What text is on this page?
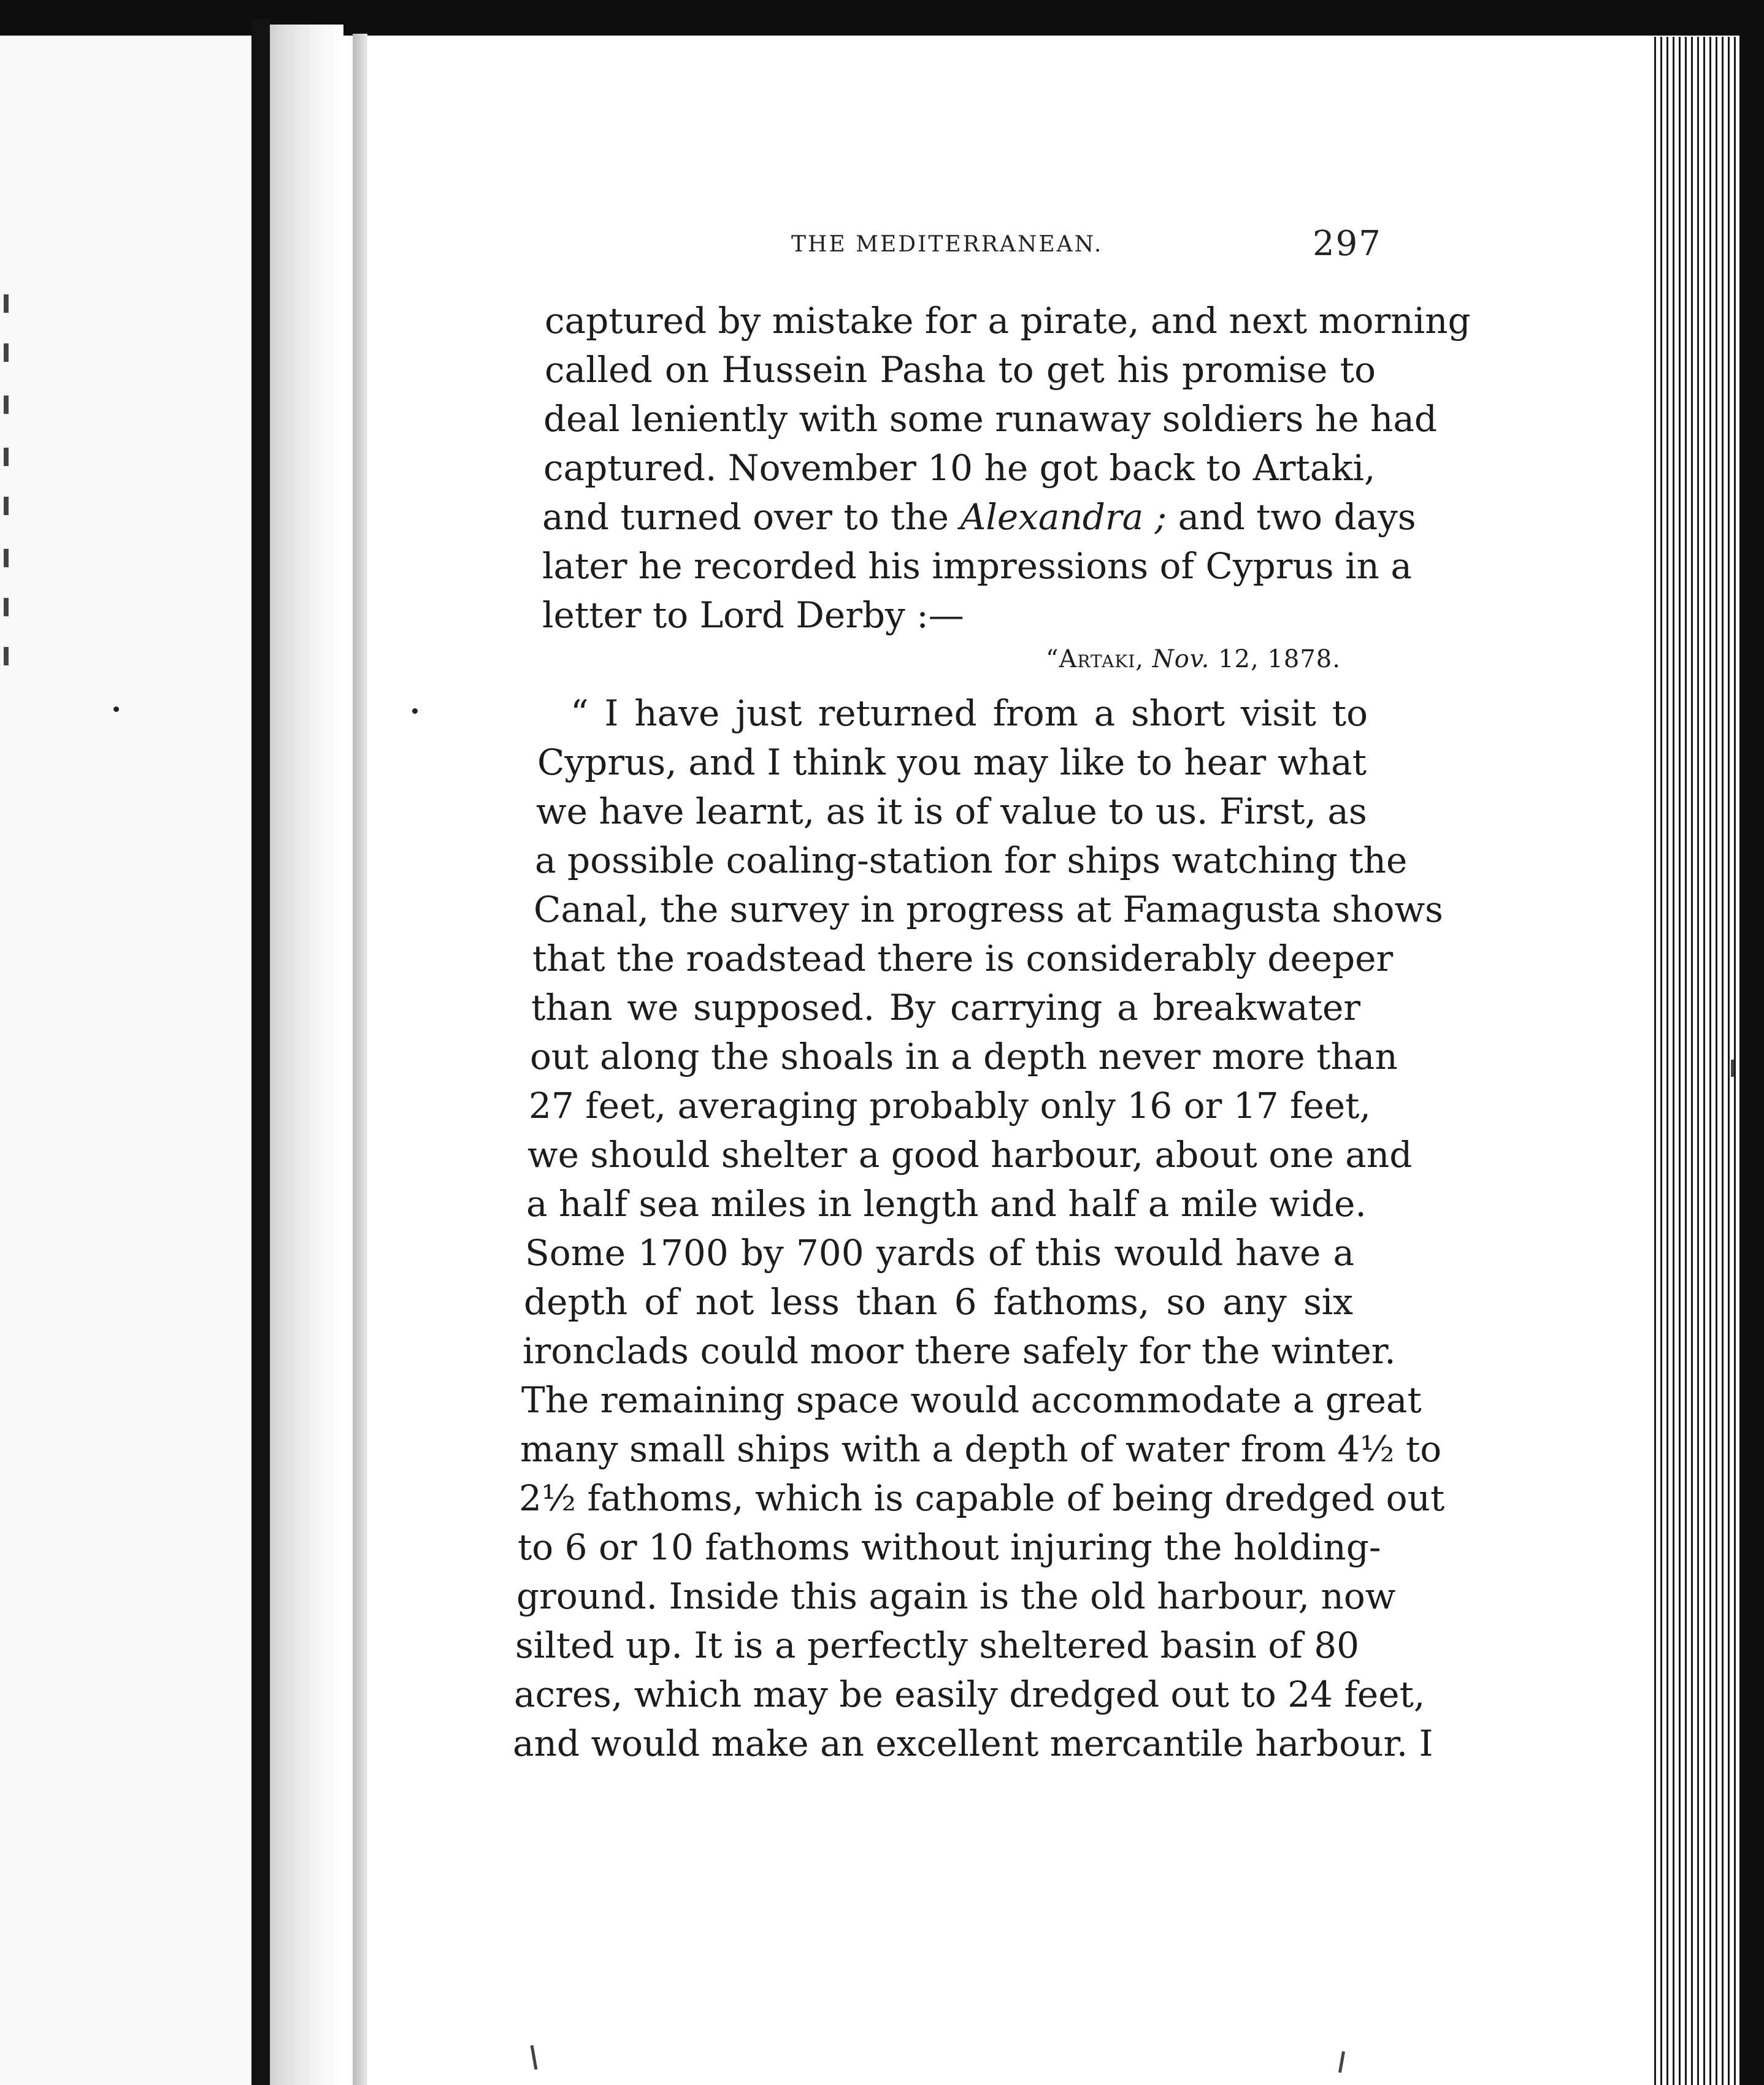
THE MEDITERRANEAN.	297
captured by mistake for a pirate, and next morning
called on Hussein Pasha to get his promise to
deal leniently with some runaway soldiers he had
captured. November 10 he got back to Artaki,
and turned over to the Alexandra ; and two days
later he recorded his impressions of Cyprus in a
letter to Lord Derby :—
“Artaki, Nov. 12, 1878.
“ I have just returned from a short visit to
Cyprus, and I think you may like to hear what
we have learnt, as it is of value to us. First, as
a possible coaling-station for ships watching the
Canal, the survey in progress at Famagusta shows
that the roadstead there is considerably deeper
than we supposed. By carrying a breakwater
out along the shoals in a depth never more than
27 feet, averaging probably only 16 or 17 feet,
we should shelter a good harbour, about one and
a half sea miles in length and half a mile wide.
Some 1700 by 700 yards of this would have a
depth of not less than 6 fathoms, so any six
ironclads could moor there safely for the winter.
The remaining space would accommodate a great
many small ships with a depth of water from 4½ to
2½ fathoms, which is capable of being dredged out
to 6 or 10 fathoms without injuring the holding-
ground. Inside this again is the old harbour, now
silted up. It is a perfectly sheltered basin of 80
acres, which may be easily dredged out to 24 feet,
and would make an excellent mercantile harbour. I
